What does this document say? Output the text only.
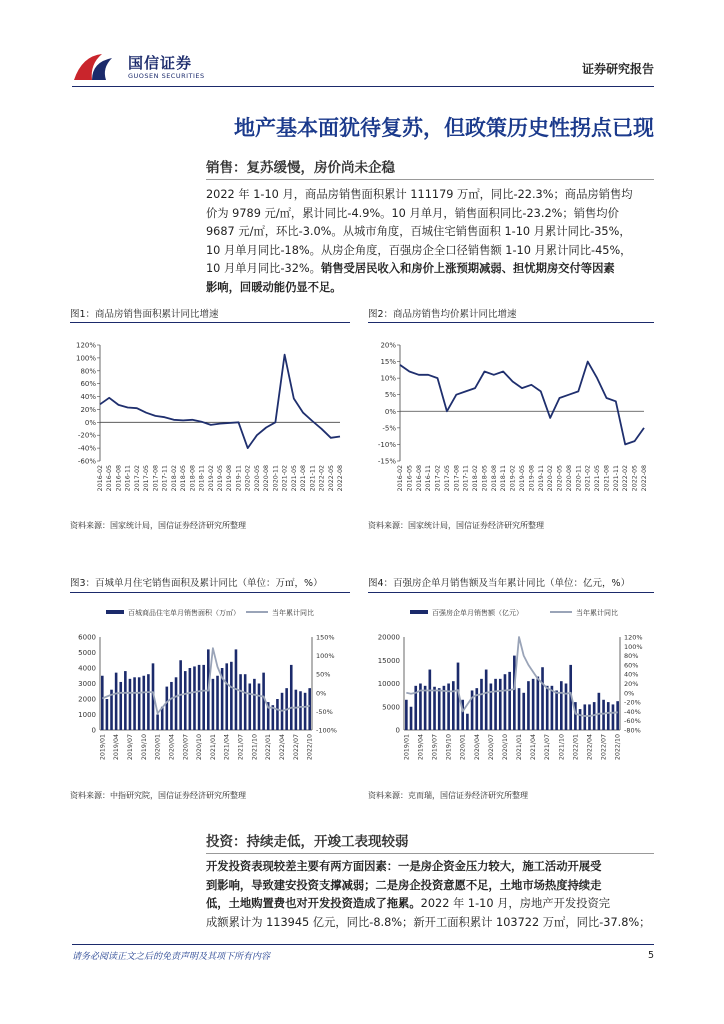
国信证券
GUOSEN SECURITIES	证券研究报告
地产基本面犹待复苏，但政策历史性拐点已现
销售：复苏缓慢，房价尚未企稳
2022 年 1-10 月，商品房销售面积累计 111179 万㎡，同比-22.3%；商品房销售均
价为 9789 元/㎡，累计同比-4.9%。10 月单月，销售面积同比-23.2%；销售均价
9687 元/㎡，环比-3.0%。从城市角度，百城住宅销售面积 1-10 月累计同比-35%，
10 月单月同比-18%。从房企角度，百强房企全口径销售额 1-10 月累计同比-45%，
10 月单月同比-32%。销售受居民收入和房价上涨预期减弱、担忧期房交付等因素
影响，回暖动能仍显不足。
图1：商品房销售面积累计同比增速
120%
100%
80%
60%
40%
20%
0%
-20%
-40%
-60%
2016-02 2016-05 2016-08 2016-11 2017-02 2017-05 2017-08 2017-11 2018-02 2018-05 2018-08 2018-11 2019-02 2019-05 2019-08 2019-11 2020-02 2020-05 2020-08 2020-11 2021-02 2021-05 2021-08 2021-11 2022-02 2022-05 2022-08
资料来源：国家统计局，国信证券经济研究所整理
图2：商品房销售均价累计同比增速
20%
15%
10%
5%
0%
-5%
-10%
-15%
2016-02 2016-05 2016-08 2016-11 2017-02 2017-05 2017-08 2017-11 2018-02 2018-05 2018-08 2018-11 2019-02 2019-05 2019-08 2019-11 2020-02 2020-05 2020-08 2020-11 2021-02 2021-05 2021-08 2021-11 2022-02 2022-05 2022-08
资料来源：国家统计局，国信证券经济研究所整理
图3：百城单月住宅销售面积及累计同比（单位：万㎡，%）
百城商品住宅单月销售面积（万㎡）	当年累计同比
6000
5000
4000
3000
2000
1000
0
150%
100%
50%
0%
-50%
-100%
2019/01 2019/04 2019/07 2019/10 2020/01 2020/04 2020/07 2020/10 2021/01 2021/04 2021/07 2021/10 2022/01 2022/04 2022/07 2022/10
资料来源：中指研究院，国信证券经济研究所整理
图4：百强房企单月销售额及当年累计同比（单位：亿元，%）
百强房企单月销售额（亿元）	当年累计同比
20000
15000
10000
5000
0
120%
100%
80%
60%
40%
20%
0%
-20%
-40%
-60%
-80%
2019/01 2019/04 2019/07 2019/10 2020/01 2020/04 2020/07 2020/10 2021/01 2021/04 2021/07 2021/10 2022/01 2022/04 2022/07 2022/10
资料来源：克而瑞，国信证券经济研究所整理
投资：持续走低，开竣工表现较弱
开发投资表现较差主要有两方面因素：一是房企资金压力较大，施工活动开展受
到影响，导致建安投资支撑减弱；二是房企投资意愿不足，土地市场热度持续走
低，土地购置费也对开发投资造成了拖累。2022 年 1-10 月，房地产开发投资完
成额累计为 113945 亿元，同比-8.8%；新开工面积累计 103722 万㎡，同比-37.8%；
请务必阅读正文之后的免责声明及其项下所有内容	5
